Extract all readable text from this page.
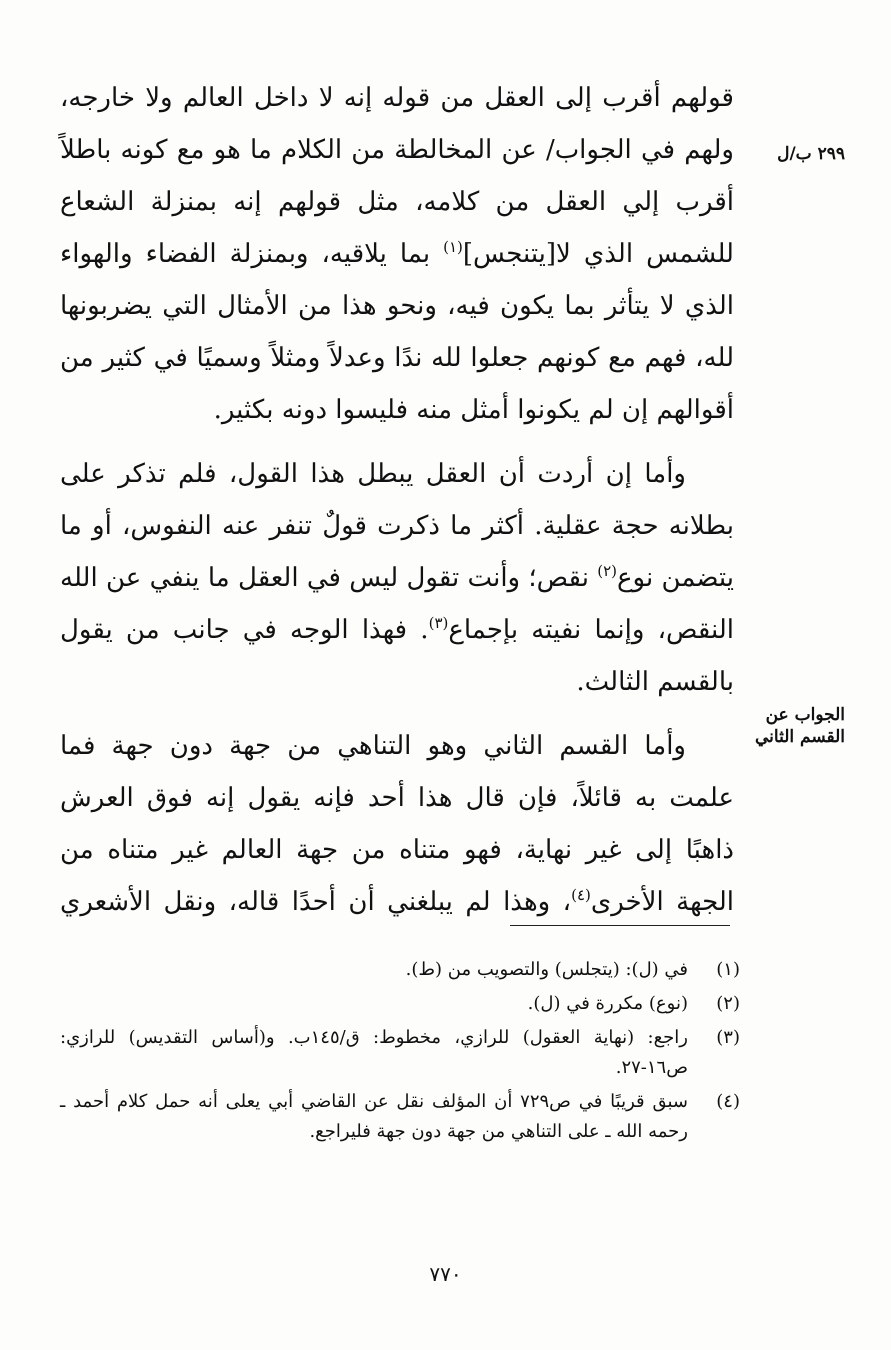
٢٩٩ ب/ل
الجواب عن القسم الثاني

قولهم أقرب إلى العقل من قوله إنه لا داخل العالم ولا خارجه، ولهم في الجواب/ عن المخالطة من الكلام ما هو مع كونه باطلاً أقرب إلي العقل من كلامه، مثل قولهم إنه بمنزلة الشعاع للشمس الذي لا[يتنجس]$^{(١)}$ بما يلاقيه، وبمنزلة الفضاء والهواء الذي لا يتأثر بما يكون فيه، ونحو هذا من الأمثال التي يضربونها لله، فهم مع كونهم جعلوا لله ندًا وعدلاً ومثلاً وسميًا في كثير من أقوالهم إن لم يكونوا أمثل منه فليسوا دونه بكثير.

وأما إن أردت أن العقل يبطل هذا القول، فلم تذكر على بطلانه حجة عقلية. أكثر ما ذكرت قولٌ تنفر عنه النفوس، أو ما يتضمن نوع$^{(٢)}$ نقص؛ وأنت تقول ليس في العقل ما ينفي عن الله النقص، وإنما نفيته بإجماع$^{(٣)}$. فهذا الوجه في جانب من يقول بالقسم الثالث.

وأما القسم الثاني وهو التناهي من جهة دون جهة فما علمت به قائلاً، فإن قال هذا أحد فإنه يقول إنه فوق العرش ذاهبًا إلى غير نهاية، فهو متناه من جهة العالم غير متناه من الجهة الأخرى$^{(٤)}$، وهذا لم يبلغني أن أحدًا قاله، ونقل الأشعري

(١)
في (ل): (يتجلس) والتصويب من (ط).
(٢)
(نوع) مكررة في (ل).
(٣)
راجع: (نهاية العقول) للرازي، مخطوط: ق/١٤٥ب. و(أساس التقديس) للرازي: ص١٦-٢٧.
(٤)
سبق قريبًا في ص٧٢٩ أن المؤلف نقل عن القاضي أبي يعلى أنه حمل كلام أحمد ـ رحمه الله ـ على التناهي من جهة دون جهة فليراجع.
٧٧٠
